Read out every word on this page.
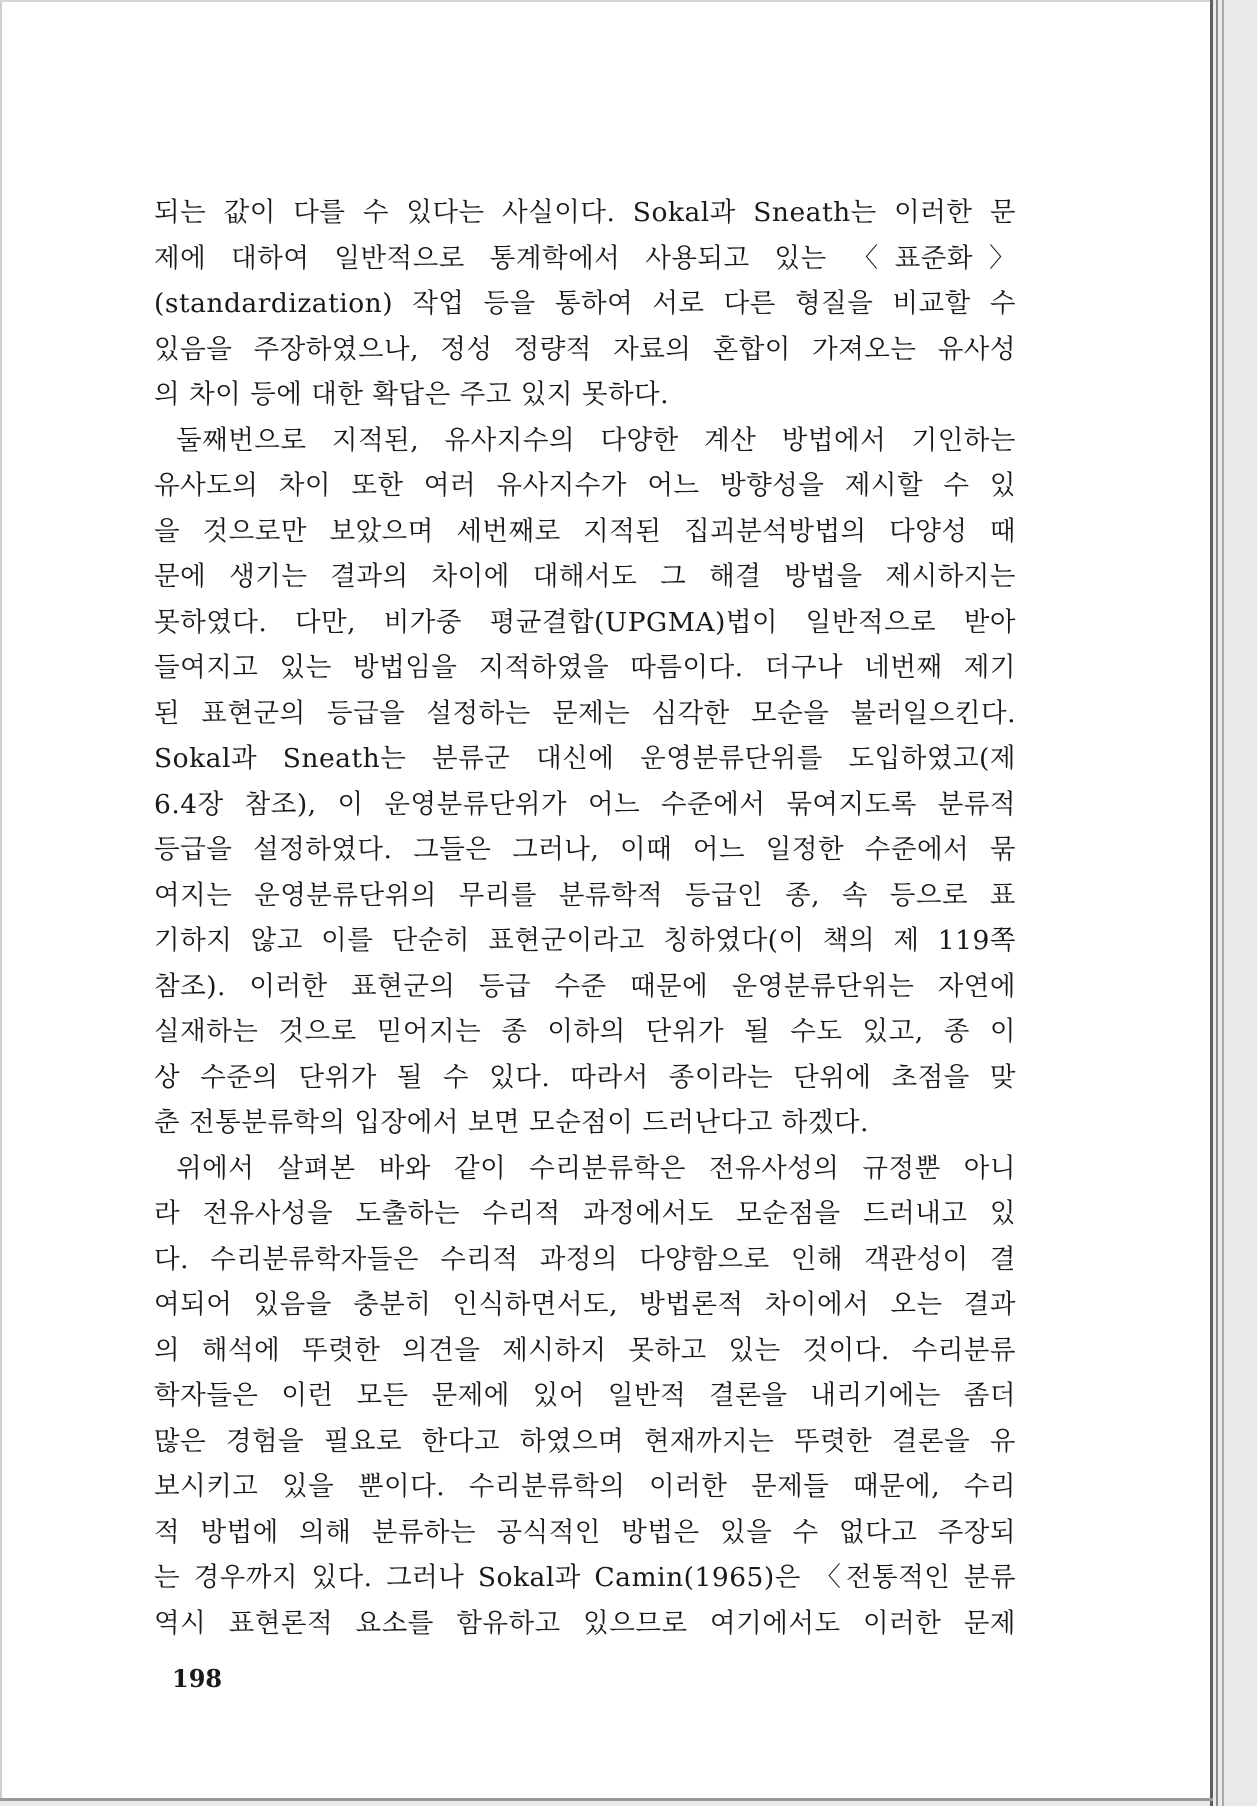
되는 값이 다를 수 있다는 사실이다. Sokal과 Sneath는 이러한 문
제에 대하여 일반적으로 통계학에서 사용되고 있는 〈표준화〉
(standardization) 작업 등을 통하여 서로 다른 형질을 비교할 수
있음을 주장하였으나, 정성 정량적 자료의 혼합이 가져오는 유사성
의 차이 등에 대한 확답은 주고 있지 못하다.
둘째번으로 지적된, 유사지수의 다양한 계산 방법에서 기인하는
유사도의 차이 또한 여러 유사지수가 어느 방향성을 제시할 수 있
을 것으로만 보았으며 세번째로 지적된 집괴분석방법의 다양성 때
문에 생기는 결과의 차이에 대해서도 그 해결 방법을 제시하지는
못하였다. 다만, 비가중 평균결합(UPGMA)법이 일반적으로 받아
들여지고 있는 방법임을 지적하였을 따름이다. 더구나 네번째 제기
된 표현군의 등급을 설정하는 문제는 심각한 모순을 불러일으킨다.
Sokal과 Sneath는 분류군 대신에 운영분류단위를 도입하였고(제
6.4장 참조), 이 운영분류단위가 어느 수준에서 묶여지도록 분류적
등급을 설정하였다. 그들은 그러나, 이때 어느 일정한 수준에서 묶
여지는 운영분류단위의 무리를 분류학적 등급인 종, 속 등으로 표
기하지 않고 이를 단순히 표현군이라고 칭하였다(이 책의 제 119쪽
참조). 이러한 표현군의 등급 수준 때문에 운영분류단위는 자연에
실재하는 것으로 믿어지는 종 이하의 단위가 될 수도 있고, 종 이
상 수준의 단위가 될 수 있다. 따라서 종이라는 단위에 초점을 맞
춘 전통분류학의 입장에서 보면 모순점이 드러난다고 하겠다.
위에서 살펴본 바와 같이 수리분류학은 전유사성의 규정뿐 아니
라 전유사성을 도출하는 수리적 과정에서도 모순점을 드러내고 있
다. 수리분류학자들은 수리적 과정의 다양함으로 인해 객관성이 결
여되어 있음을 충분히 인식하면서도, 방법론적 차이에서 오는 결과
의 해석에 뚜렷한 의견을 제시하지 못하고 있는 것이다. 수리분류
학자들은 이런 모든 문제에 있어 일반적 결론을 내리기에는 좀더
많은 경험을 필요로 한다고 하였으며 현재까지는 뚜렷한 결론을 유
보시키고 있을 뿐이다. 수리분류학의 이러한 문제들 때문에, 수리
적 방법에 의해 분류하는 공식적인 방법은 있을 수 없다고 주장되
는 경우까지 있다. 그러나 Sokal과 Camin(1965)은 〈전통적인 분류
역시 표현론적 요소를 함유하고 있으므로 여기에서도 이러한 문제
198
